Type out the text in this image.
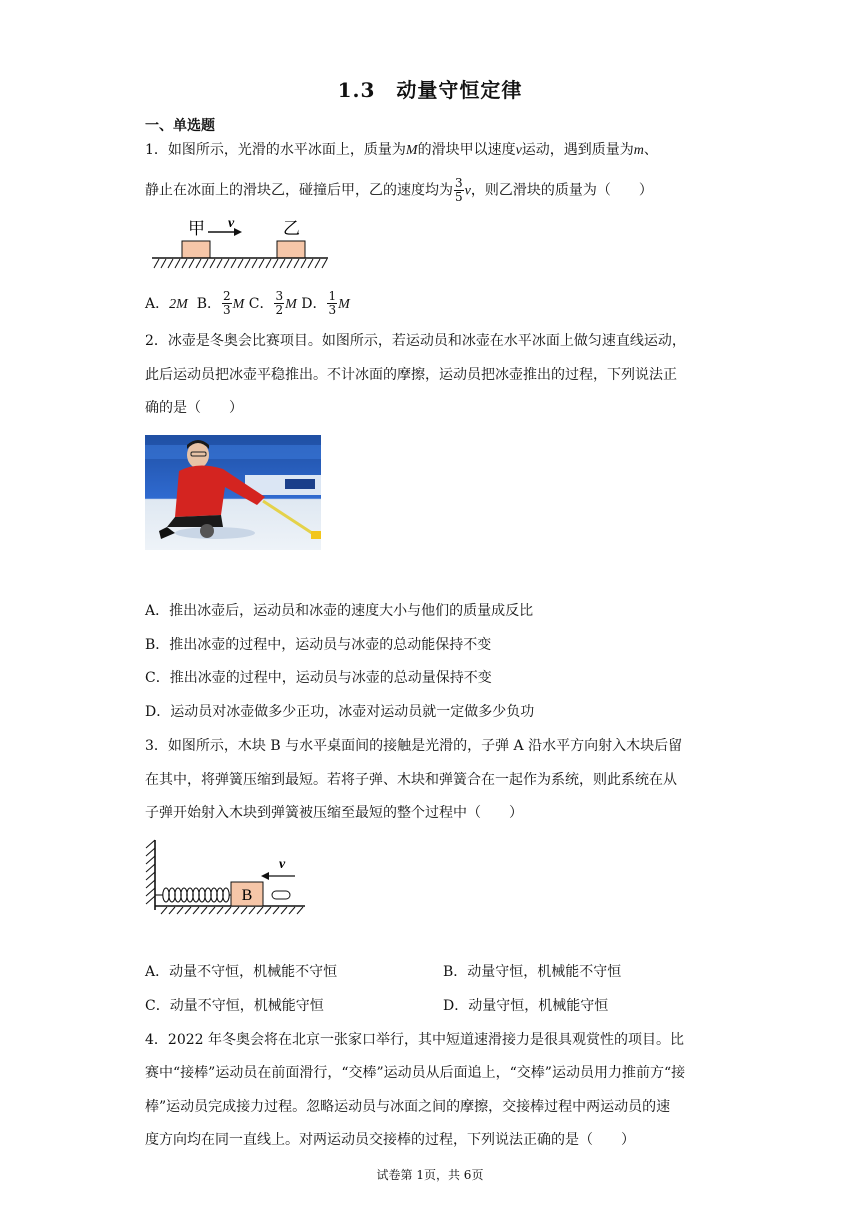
1.3　动量守恒定律
一、单选题
1．如图所示，光滑的水平冰面上，质量为M的滑块甲以速度v运动，遇到质量为m、
静止在冰面上的滑块乙，碰撞后甲，乙的速度均为 $\frac{3}{5}$ v，则乙滑块的质量为（　　）
甲 v	乙
A．2M B． $\frac{2}{3}$ M C． $\frac{3}{2}$ M D． $\frac{1}{3}$ M
2．冰壶是冬奥会比赛项目。如图所示，若运动员和冰壶在水平冰面上做匀速直线运动，
此后运动员把冰壶平稳推出。不计冰面的摩擦，运动员把冰壶推出的过程，下列说法正
确的是（　　）
A．推出冰壶后，运动员和冰壶的速度大小与他们的质量成反比
B．推出冰壶的过程中，运动员与冰壶的总动能保持不变
C．推出冰壶的过程中，运动员与冰壶的总动量保持不变
D．运动员对冰壶做多少正功，冰壶对运动员就一定做多少负功
3．如图所示，木块 B 与水平桌面间的接触是光滑的，子弹 A 沿水平方向射入木块后留
在其中，将弹簧压缩到最短。若将子弹、木块和弹簧合在一起作为系统，则此系统在从
子弹开始射入木块到弹簧被压缩至最短的整个过程中（　　）
B
v
A．动量不守恒，机械能不守恒	B．动量守恒，机械能不守恒
C．动量不守恒，机械能守恒	D．动量守恒，机械能守恒
4．2022 年冬奥会将在北京一张家口举行，其中短道速滑接力是很具观赏性的项目。比
赛中“接棒”运动员在前面滑行，“交棒”运动员从后面追上，“交棒”运动员用力推前方“接
棒”运动员完成接力过程。忽略运动员与冰面之间的摩擦，交接棒过程中两运动员的速
度方向均在同一直线上。对两运动员交接棒的过程，下列说法正确的是（　　）
试卷第 1页，共 6页
